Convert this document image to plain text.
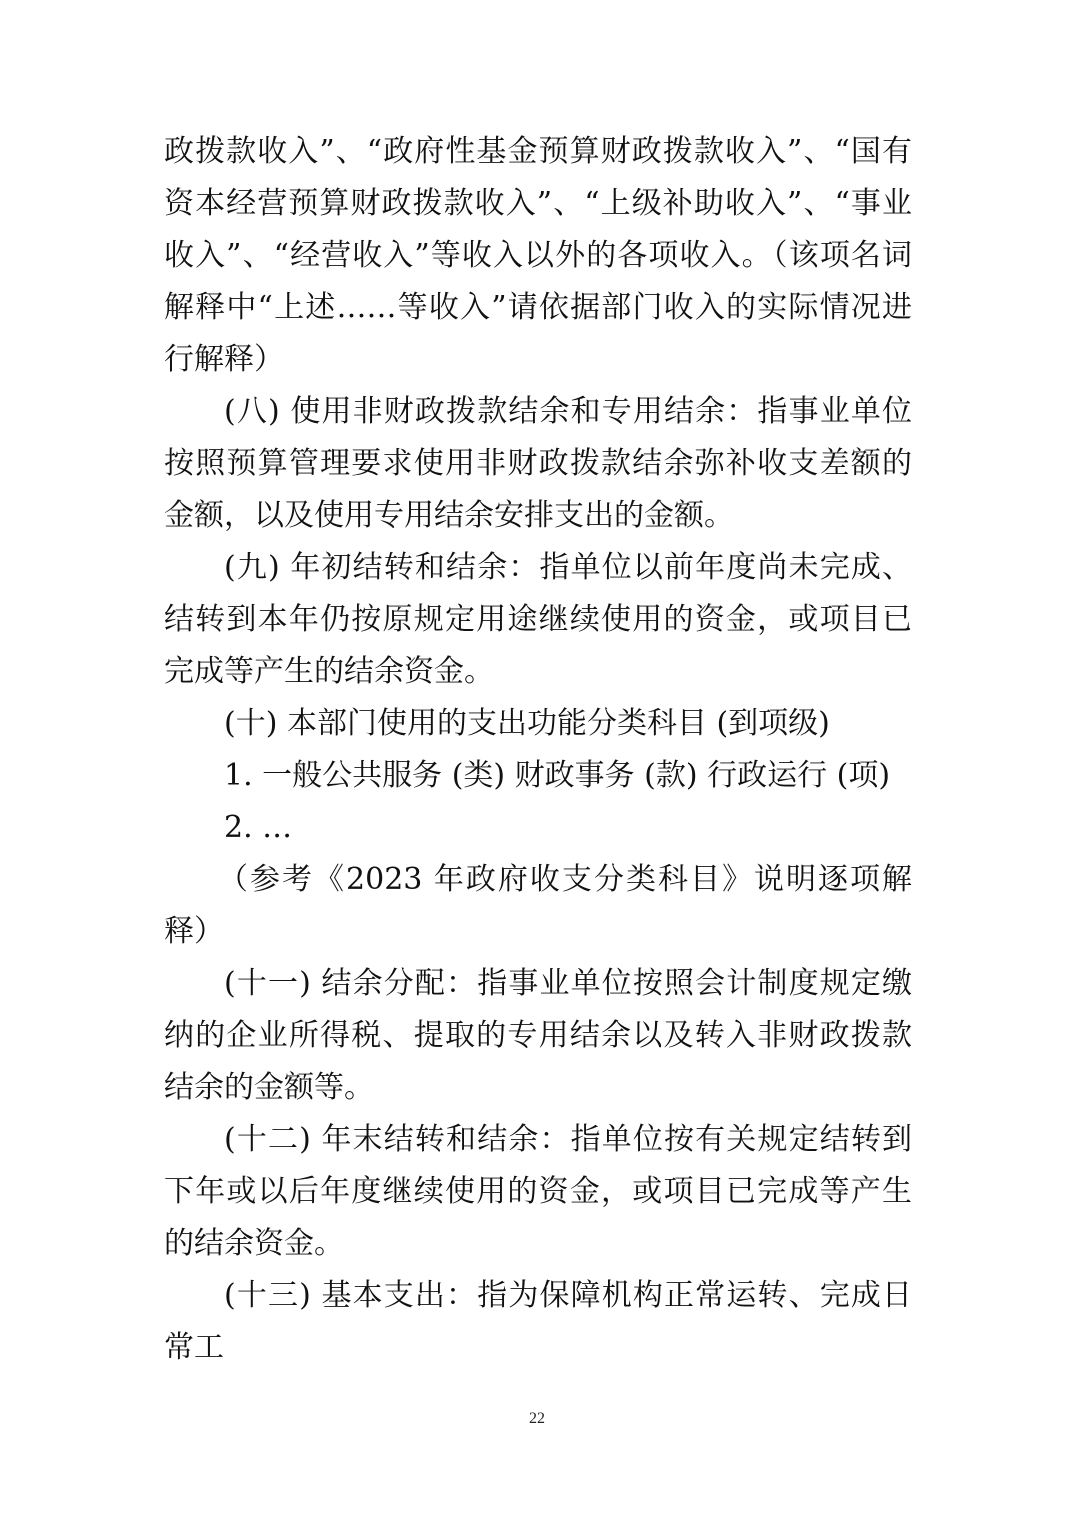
政拨款收入”、“政府性基金预算财政拨款收入”、“国有资本经营预算财政拨款收入”、“上级补助收入”、“事业收入”、“经营收入”等收入以外的各项收入。（该项名词解释中“上述……等收入”请依据部门收入的实际情况进行解释）

(八) 使用非财政拨款结余和专用结余：指事业单位按照预算管理要求使用非财政拨款结余弥补收支差额的金额，以及使用专用结余安排支出的金额。

(九) 年初结转和结余：指单位以前年度尚未完成、结转到本年仍按原规定用途继续使用的资金，或项目已完成等产生的结余资金。

(十) 本部门使用的支出功能分类科目 (到项级)

1. 一般公共服务 (类) 财政事务 (款) 行政运行 (项)

2. …

（参考《2023 年政府收支分类科目》说明逐项解释）

(十一) 结余分配：指事业单位按照会计制度规定缴纳的企业所得税、提取的专用结余以及转入非财政拨款结余的金额等。

(十二) 年末结转和结余：指单位按有关规定结转到下年或以后年度继续使用的资金，或项目已完成等产生的结余资金。

(十三) 基本支出：指为保障机构正常运转、完成日常工

22
